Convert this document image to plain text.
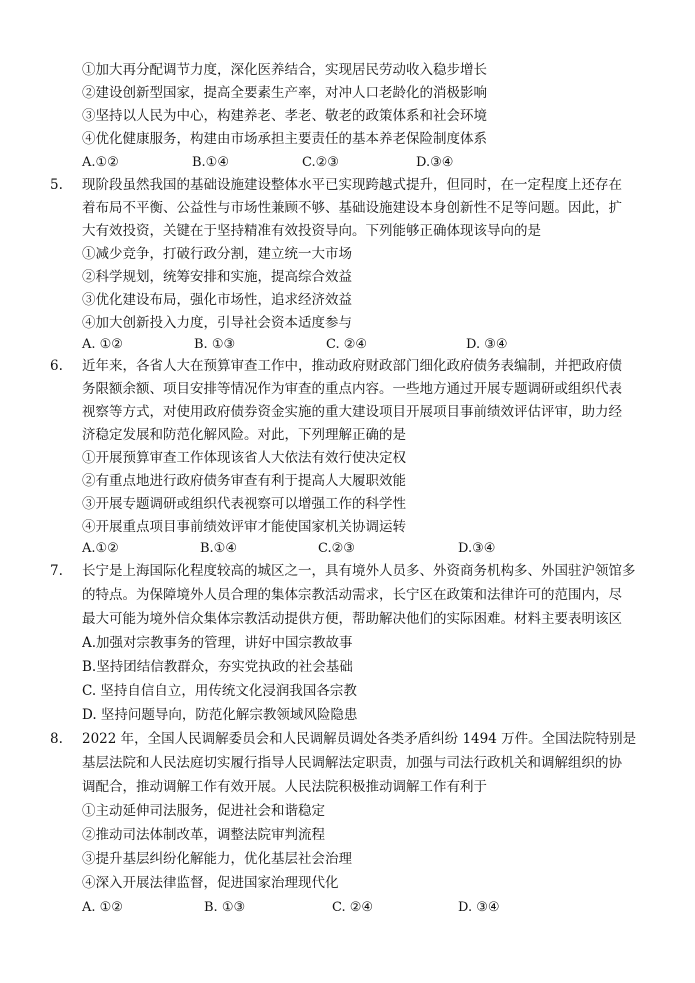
①加大再分配调节力度，深化医养结合，实现居民劳动收入稳步增长
②建设创新型国家，提高全要素生产率，对冲人口老龄化的消极影响
③坚持以人民为中心，构建养老、孝老、敬老的政策体系和社会环境
④优化健康服务，构建由市场承担主要责任的基本养老保险制度体系
A.①②	B.①④	C.②③	D.③④
5. 现阶段虽然我国的基础设施建设整体水平已实现跨越式提升，但同时，在一定程度上还存在
着布局不平衡、公益性与市场性兼顾不够、基础设施建设本身创新性不足等问题。因此，扩
大有效投资，关键在于坚持精准有效投资导向。下列能够正确体现该导向的是
①减少竞争，打破行政分割，建立统一大市场
②科学规划，统筹安排和实施，提高综合效益
③优化建设布局，强化市场性，追求经济效益
④加大创新投入力度，引导社会资本适度参与
A. ①②	B. ①③	C. ②④	D. ③④
6. 近年来，各省人大在预算审查工作中，推动政府财政部门细化政府债务表编制，并把政府债
务限额余额、项目安排等情况作为审查的重点内容。一些地方通过开展专题调研或组织代表
视察等方式，对使用政府债券资金实施的重大建设项目开展项目事前绩效评估评审，助力经
济稳定发展和防范化解风险。对此，下列理解正确的是
①开展预算审查工作体现该省人大依法有效行使决定权
②有重点地进行政府债务审查有利于提高人大履职效能
③开展专题调研或组织代表视察可以增强工作的科学性
④开展重点项目事前绩效评审才能使国家机关协调运转
A.①②	B.①④	C.②③	D.③④
7. 长宁是上海国际化程度较高的城区之一，具有境外人员多、外资商务机构多、外国驻沪领馆多
的特点。为保障境外人员合理的集体宗教活动需求，长宁区在政策和法律许可的范围内，尽
最大可能为境外信众集体宗教活动提供方便，帮助解决他们的实际困难。材料主要表明该区
A.加强对宗教事务的管理，讲好中国宗教故事
B.坚持团结信教群众，夯实党执政的社会基础
C. 坚持自信自立，用传统文化浸润我国各宗教
D. 坚持问题导向，防范化解宗教领域风险隐患
8. 2022 年，全国人民调解委员会和人民调解员调处各类矛盾纠纷 1494 万件。全国法院特别是
基层法院和人民法庭切实履行指导人民调解法定职责，加强与司法行政机关和调解组织的协
调配合，推动调解工作有效开展。人民法院积极推动调解工作有利于
①主动延伸司法服务，促进社会和谐稳定
②推动司法体制改革，调整法院审判流程
③提升基层纠纷化解能力，优化基层社会治理
④深入开展法律监督，促进国家治理现代化
A. ①②	B. ①③	C. ②④	D. ③④
